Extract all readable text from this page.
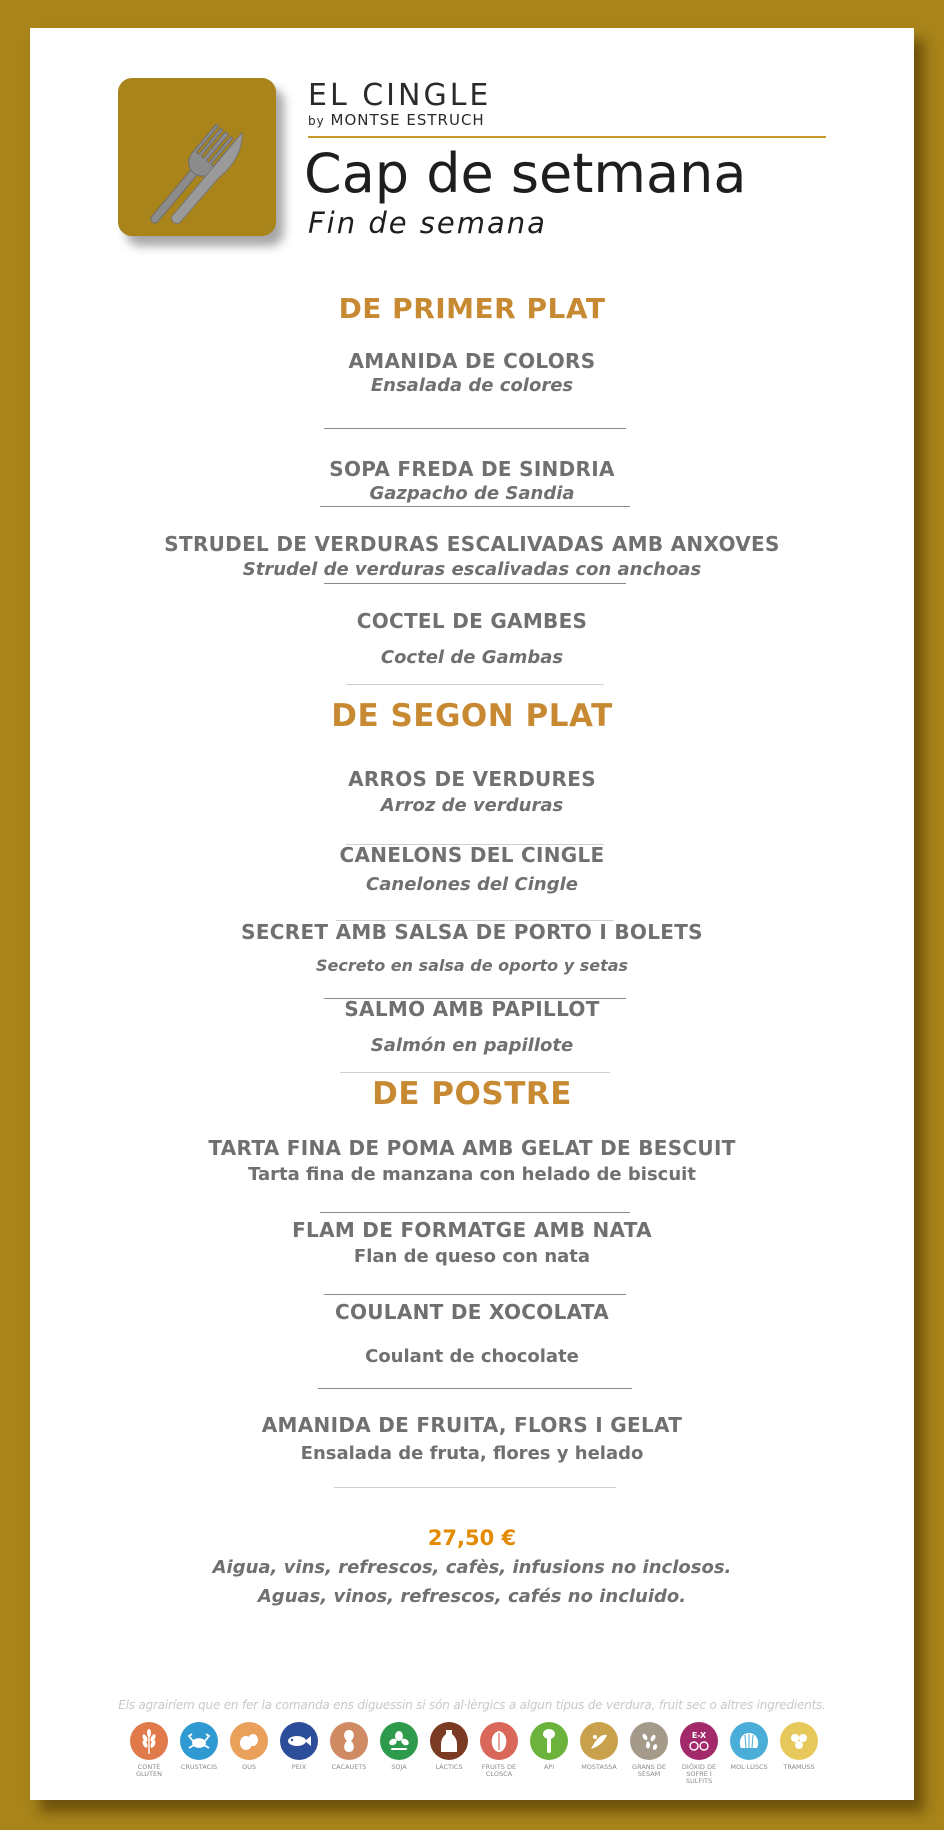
EL CINGLE
by MONTSE ESTRUCH
Cap de setmana
Fin de semana
DE PRIMER PLAT
AMANIDA DE COLORS
Ensalada de colores
SOPA FREDA DE SINDRIA
Gazpacho de Sandia
STRUDEL DE VERDURAS ESCALIVADAS AMB ANXOVES
Strudel de verduras escalivadas con anchoas
COCTEL DE GAMBES
Coctel de Gambas
DE SEGON PLAT
ARROS DE VERDURES
Arroz de verduras
CANELONS DEL CINGLE
Canelones del Cingle
SECRET AMB SALSA DE PORTO I BOLETS
Secreto en salsa de oporto y setas
SALMO AMB PAPILLOT
Salmón en papillote
DE POSTRE
TARTA FINA DE POMA AMB GELAT DE BESCUIT
Tarta fina de manzana con helado de biscuit
FLAM DE FORMATGE AMB NATA
Flan de queso con nata
COULANT DE XOCOLATA
Coulant de chocolate
AMANIDA DE FRUITA, FLORS I GELAT
Ensalada de fruta, flores y helado
27,50 €
Aigua, vins, refrescos, cafès, infusions no inclosos.
Aguas, vinos, refrescos, cafés no incluido.
Els agrairíem que en fer la comanda ens diguessin si són al·lèrgics a algun tipus de verdura, fruit sec o altres ingredients.
CONTÉ GLUTEN
CRUSTACIS	OUS	PEIX	CACAUETS	SOJA	LÀCTICS	FRUITS DE CLOSCA
API	MOSTASSA	GRANS DE SÈSAM
E-X
DIÒXID DE SOFRE I SULFITS
MOL·LUSCS	TRAMUSS
